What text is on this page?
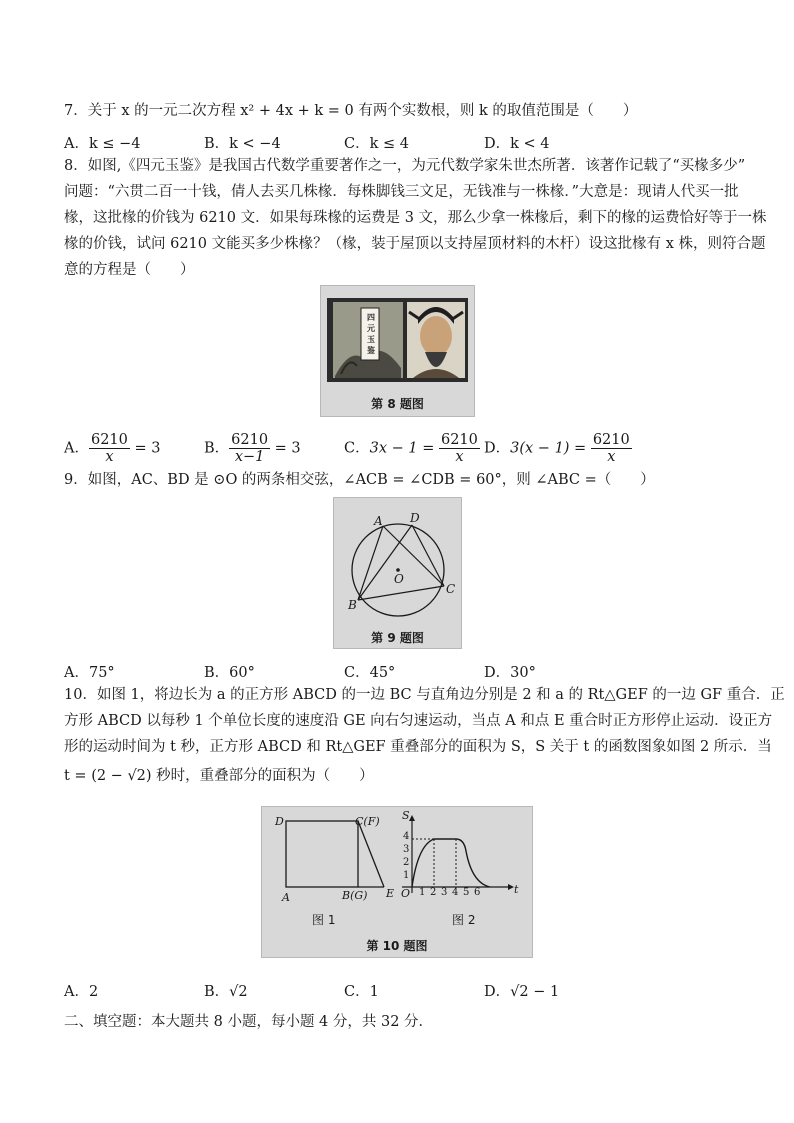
7．关于 x 的一元二次方程 x² + 4x + k = 0 有两个实数根，则 k 的取值范围是（　　）
A．k ≤ −4	B．k < −4	C．k ≤ 4	D．k < 4
8．如图,《四元玉鉴》是我国古代数学重要著作之一，为元代数学家朱世杰所著．该著作记载了“买椽多少”
问题：“六贯二百一十钱，倩人去买几株椽．每株脚钱三文足，无钱准与一株椽．”大意是：现请人代买一批
椽，这批椽的价钱为 6210 文．如果每珠椽的运费是 3 文，那么少拿一株椽后，剩下的椽的运费恰好等于一株
椽的价钱，试问 6210 文能买多少株椽？（椽，装于屋顶以支持屋顶材料的木杆）设这批椽有 x 株，则符合题
意的方程是（　　）
四元玉鉴
第 8 题图
A． $\frac{6210}{x} = 3$	B． $\frac{6210}{x-1} = 3$	C．$3x - 1 = \frac{6210}{x}$ D．$3(x - 1) = \frac{6210}{x}$
9．如图，AC、BD 是 ⊙O 的两条相交弦，∠ACB = ∠CDB = 60°，则 ∠ABC =（　　）
A D
O
B
C
第 9 题图
A．75°	B．60°	C．45°	D．30°
10．如图 1，将边长为 a 的正方形 ABCD 的一边 BC 与直角边分别是 2 和 a 的 Rt△GEF 的一边 GF 重合．正
方形 ABCD 以每秒 1 个单位长度的速度沿 GE 向右匀速运动，当点 A 和点 E 重合时正方形停止运动．设正方
形的运动时间为 t 秒，正方形 ABCD 和 Rt△GEF 重叠部分的面积为 S，S 关于 t 的函数图象如图 2 所示．当
t = (2 − √2) 秒时，重叠部分的面积为（　　）
D	C(F)
A	B(G) E
图 1
S
t
O 1 2 3 4 5 6
1
2
3
4
图 2
第 10 题图
A．2	B．√2	C．1	D．√2 − 1
二、填空题：本大题共 8 小题，每小题 4 分，共 32 分．
